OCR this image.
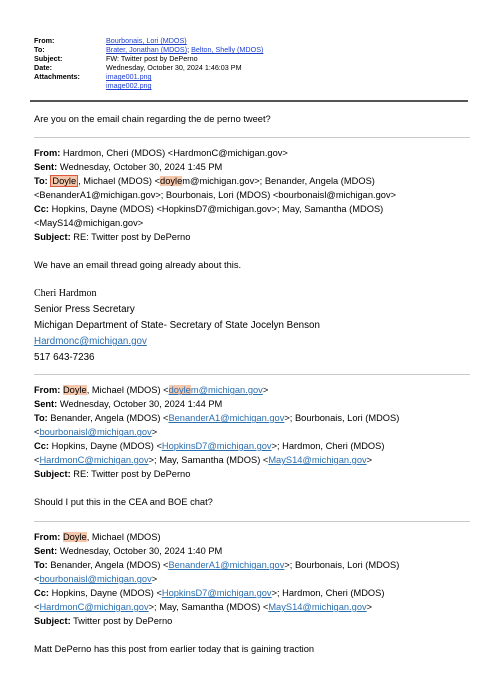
From:	Bourbonais, Lori (MDOS)
To:	Brater, Jonathan (MDOS); Belton, Shelly (MDOS)
Subject:	FW: Twitter post by DePerno
Date:	Wednesday, October 30, 2024 1:46:03 PM
Attachments:	image001.png
image002.png

Are you on the email chain regarding the de perno tweet?

From: Hardmon, Cheri (MDOS) <HardmonC@michigan.gov>

Sent: Wednesday, October 30, 2024 1:45 PM

To: Doyle , Michael (MDOS) <doylem@michigan.gov>; Benander, Angela (MDOS) <BenanderA1@michigan.gov>; Bourbonais, Lori (MDOS) <bourbonaisl@michigan.gov>

Cc: Hopkins, Dayne (MDOS) <HopkinsD7@michigan.gov>; May, Samantha (MDOS) <MayS14@michigan.gov>

Subject: RE: Twitter post by DePerno

We have an email thread going already about this.

Cheri Hardmon
Senior Press Secretary
Michigan Department of State- Secretary of State Jocelyn Benson
Hardmonc@michigan.gov
517 643-7236

From: Doyle, Michael (MDOS) <doylem@michigan.gov>

Sent: Wednesday, October 30, 2024 1:44 PM

To: Benander, Angela (MDOS) <BenanderA1@michigan.gov>; Bourbonais, Lori (MDOS) <bourbonaisl@michigan.gov>

Cc: Hopkins, Dayne (MDOS) <HopkinsD7@michigan.gov>; Hardmon, Cheri (MDOS) <HardmonC@michigan.gov>; May, Samantha (MDOS) <MayS14@michigan.gov>

Subject: RE: Twitter post by DePerno

Should I put this in the CEA and BOE chat?

From: Doyle, Michael (MDOS)

Sent: Wednesday, October 30, 2024 1:40 PM

To: Benander, Angela (MDOS) <BenanderA1@michigan.gov>; Bourbonais, Lori (MDOS) <bourbonaisl@michigan.gov>

Cc: Hopkins, Dayne (MDOS) <HopkinsD7@michigan.gov>; Hardmon, Cheri (MDOS) <HardmonC@michigan.gov>; May, Samantha (MDOS) <MayS14@michigan.gov>

Subject: Twitter post by DePerno

Matt DePerno has this post from earlier today that is gaining traction
